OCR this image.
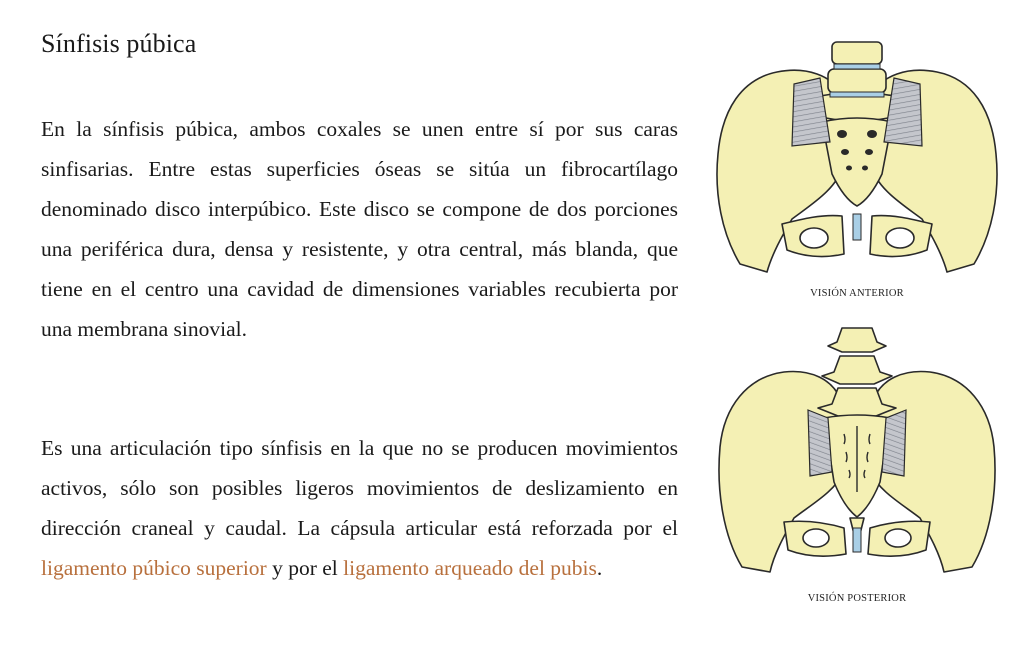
Sínfisis púbica

En la sínfisis púbica, ambos coxales se unen entre sí por sus caras sinfisarias. Entre estas superficies óseas se sitúa un fibrocartílago denominado disco interpúbico. Este disco se compone de dos porciones una periférica dura, densa y resistente, y otra central, más blanda, que tiene en el centro una cavidad de dimensiones variables recubierta por una membrana sinovial.

Es una articulación tipo sínfisis en la que no se producen movimientos activos, sólo son posibles ligeros movimientos de deslizamiento en dirección craneal y caudal. La cápsula articular está reforzada por el ligamento púbico superior y por el ligamento arqueado del pubis.

VISIÓN ANTERIOR
VISIÓN POSTERIOR
